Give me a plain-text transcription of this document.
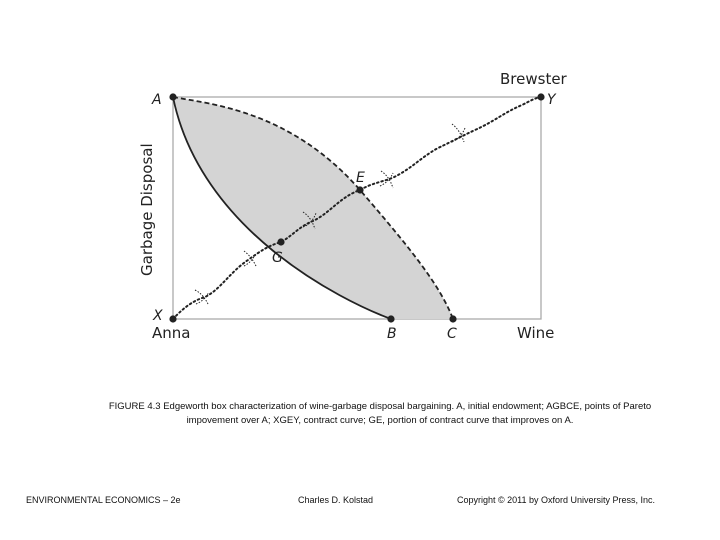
A
Brewster
Y
X
Anna	B	C	Wine
E
G
Garbage Disposal
FIGURE 4.3 Edgeworth box characterization of wine-garbage disposal bargaining. A, initial endowment; AGBCE, points of Pareto
impovement over A; XGEY, contract curve; GE, portion of contract curve that improves on A.
ENVIRONMENTAL ECONOMICS – 2e	Charles D. Kolstad	Copyright © 2011 by Oxford University Press, Inc.
